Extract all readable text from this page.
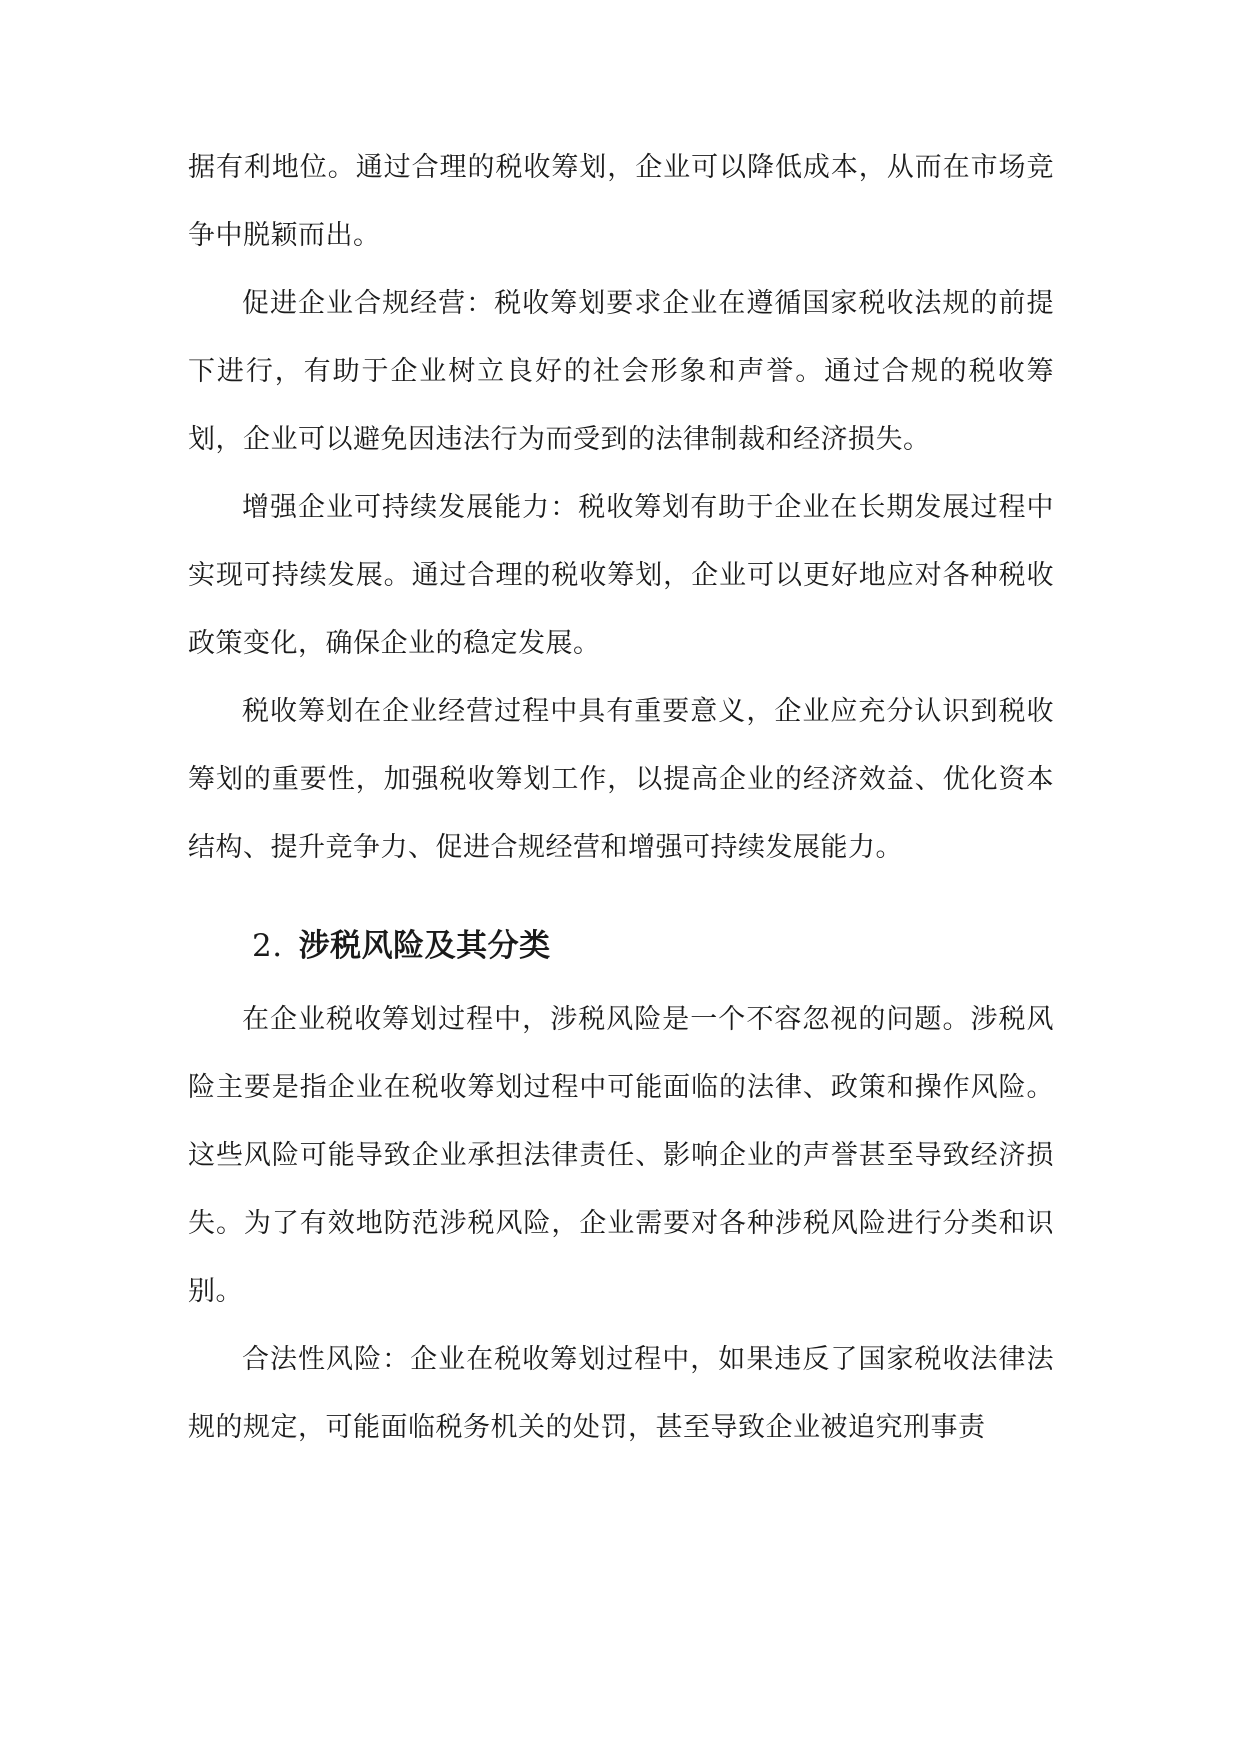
据有利地位。通过合理的税收筹划，企业可以降低成本，从而在市场竞争中脱颖而出。

促进企业合规经营：税收筹划要求企业在遵循国家税收法规的前提下进行，有助于企业树立良好的社会形象和声誉。通过合规的税收筹划，企业可以避免因违法行为而受到的法律制裁和经济损失。

增强企业可持续发展能力：税收筹划有助于企业在长期发展过程中实现可持续发展。通过合理的税收筹划，企业可以更好地应对各种税收政策变化，确保企业的稳定发展。

税收筹划在企业经营过程中具有重要意义，企业应充分认识到税收筹划的重要性，加强税收筹划工作，以提高企业的经济效益、优化资本结构、提升竞争力、促进合规经营和增强可持续发展能力。

2. 涉税风险及其分类

在企业税收筹划过程中，涉税风险是一个不容忽视的问题。涉税风险主要是指企业在税收筹划过程中可能面临的法律、政策和操作风险。这些风险可能导致企业承担法律责任、影响企业的声誉甚至导致经济损失。为了有效地防范涉税风险，企业需要对各种涉税风险进行分类和识别。

合法性风险：企业在税收筹划过程中，如果违反了国家税收法律法规的规定，可能面临税务机关的处罚，甚至导致企业被追究刑事责
